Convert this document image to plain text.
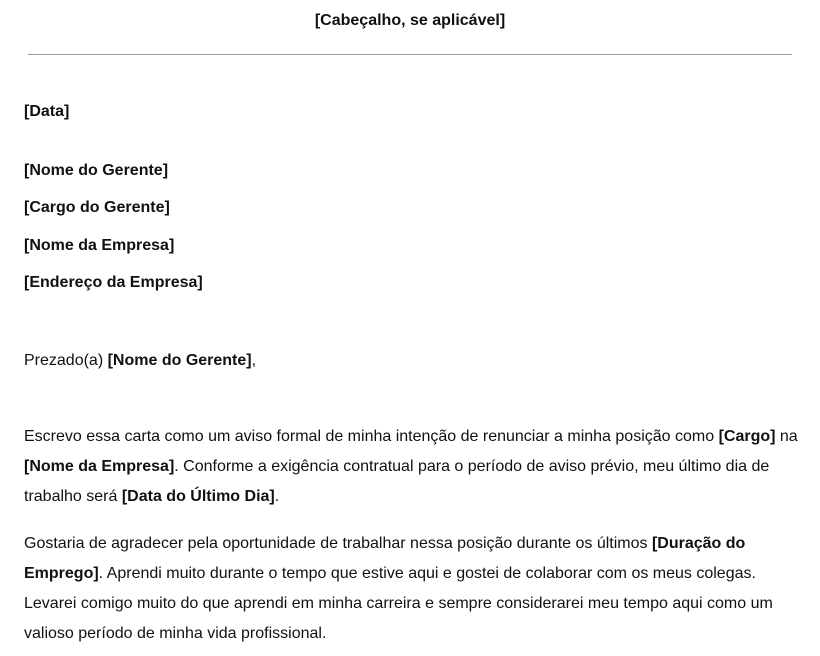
[Cabeçalho, se aplicável]
[Data]
[Nome do Gerente]
[Cargo do Gerente]
[Nome da Empresa]
[Endereço da Empresa]
Prezado(a) [Nome do Gerente],
Escrevo essa carta como um aviso formal de minha intenção de renunciar a minha posição como [Cargo] na [Nome da Empresa]. Conforme a exigência contratual para o período de aviso prévio, meu último dia de trabalho será [Data do Último Dia].
Gostaria de agradecer pela oportunidade de trabalhar nessa posição durante os últimos [Duração do Emprego]. Aprendi muito durante o tempo que estive aqui e gostei de colaborar com os meus colegas. Levarei comigo muito do que aprendi em minha carreira e sempre considerarei meu tempo aqui como um valioso período de minha vida profissional.
